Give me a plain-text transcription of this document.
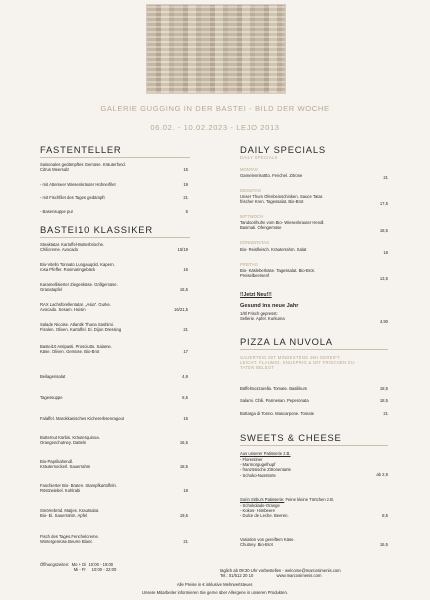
GALERIE GUGGING IN DER BASTEI - BILD DER WOCHE
06.02. - 10.02.2023 - LEJO 2013
FASTENTELLER
Saisonales gedämpftes Gemüse. Kräuterfond.
Citrus Meersalz	15
- mit Atterseer Wiesenkräuter Hühnerfilet	19
- mit Fischfilet des Tages gedämpft	21
- Basensuppe pur	5
BASTEI10 KLASSIKER
Steaktatar. Kartoffel-Butterbrioche.
Chilicreme. Avocado	15/19
Bio-Vitello Tonnato Lungauqold. Kapern.
rosa Pfeffer. Rosmaringebäck	16
Karamellisierter Ziegenkäse. Grillgemüse.
Granatapfel	16,5
RAX Lachsforellentatar. „Asia“. Gurke.
Avocado. Sesam. Hoisin	16/21,5
Salade Nicoise. Atlantik Thuna Sashimi.
Fisolen. Oliven. Kartoffel. Ei. Dijon Dressing	21
Bastei10 Antipasti. Prosciutto. Salame.
Käse. Oliven. Gemüse. Bio-Brot	17
Beilagensalat	4,9
Tagessuppe	6,5
Falaffel. Marokkanisches Kichererbsenragout	15
Butternut Kürbis. Kräuterquinoa.
Orangenchutney. Datteln	16,5
Bio-Paprikahendl.
Kräuternockerl. Sauerrahm	18,5
Faschierter Bio- Braten. Stampfkartoffeln.
Röstzwiebel. Kohlrabi	18
Smörrebröd. Matjes. Krautsalat.
Bio- Ei. Sauerrahm. Apfel	19,5
Fisch des Tages.Fenchelcreme.
Wintergemüse.Beurre Blanc	21
DAILY SPECIALS
DAILY SPECIALS
MONTAG
Garnelenrisottto. Fenchel. Zitrone	21
DIENSTAG
Unser Thum Ofenbeinschinken. Sauce Tatar.
frischer Kren. Tagessalat. Bio-Brot	17,5
MITTWOCH
Tandoorihuhn vom Bio- Wiesenkrauter Hendl.
Basmati. Ofengemüse
18,5
DONNERSTAG
Bio- Reisfleisch. Kräuterrahm. Salat
18
FREITAG
Bio- Käsleberkäse. Tagessalat. Bio-Brot.
Preiselbeersenf
13,5
!!Jetzt Neu!!!
Gesund ins neue Jahr
1/8l Frisch gepresst:
Sellerie. Apfel. Kurkuma
4,90
PIZZA LA NUVOLA
SAUERTEIG MIT MINDESTENS 48H GEREIFT.
LEICHT. FLAUMIG. KNUSPRIG & MIT FRISCHEN ZU-
TATEN BELEGT
Büffelmozzarella. Tomate. Basilikum	18,5
Salami. Chili. Parmesan. Peperonata	18,5
Bottarga di Tonno. Mascarpone. Tomate	21
SWEETS & CHEESE
Aus unserer Patisserie z.B.
- Florentiner
- Marmorgugelhupf
- französische Zitronentarte
- Schoko-Nusstorte	ab 2,9
Sorin Sirbu's Patisserie: Feine kleine Törtchen z.B.
- Schokolade-Orange
- Kokos- Himbeere
- Dulce de Leche. Beeren.	8,5
Variation von gereiftem Käse.
Chutney. Bio-Brot	16,5
Öffnungszeiten:  Mo + Di  10:00 - 19:00
Mi - Fr     10:00 - 22:00	täglich ab 09:30 Uhr vorbestellen - welcome@marcosimenis.com
Tel.: 01/512 20 10                    www.marcosimenis.com
Alle Preise in € inklusive Mehrwertsteuer.
Unsere Mitarbeiter informieren Sie gerne über Allergene in unseren Produkten.
